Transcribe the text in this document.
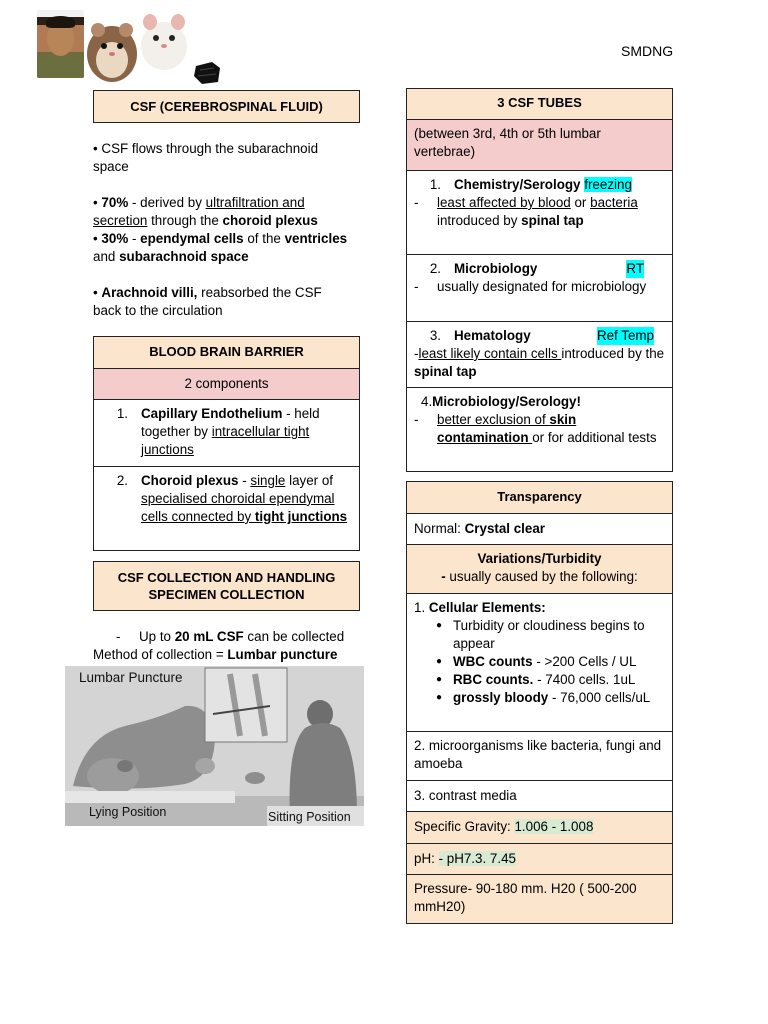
SMDNG
CSF (CEREBROSPINAL FLUID)

• CSF flows through the subarachnoid space

• 70% - derived by ultrafiltration and secretion through the choroid plexus

• 30% - ependymal cells of the ventricles and subarachnoid space

• Arachnoid villi, reabsorbed the CSF back to the circulation

BLOOD BRAIN BARRIER
2 components
1. Capillary Endothelium - held together by intracellular tight junctions
2. Choroid plexus - single layer of specialised choroidal ependymal cells connected by tight junctions
CSF COLLECTION AND HANDLING
SPECIMEN COLLECTION
-	Up to 20 mL CSF can be collected
Method of collection = Lumbar puncture
Lumbar Puncture
Lying Position	Sitting Position
3 CSF TUBES
(between 3rd, 4th or 5th lumbar vertebrae)
1. Chemistry/Serology freezing
-	least affected by blood or bacteria introduced by spinal tap
2. Microbiology	RT
-	usually designated for microbiology
3. Hematology	Ref Temp
-least likely contain cells introduced by the spinal tap
4.Microbiology/Serology!
-	better exclusion of skin contamination or for additional tests
Transparency
Normal: Crystal clear
Variations/Turbidity
- usually caused by the following:
1. Cellular Elements:
● Turbidity or cloudiness begins to appear
● WBC counts - >200 Cells / UL
● RBC counts. - 7400 cells. 1uL
● grossly bloody - 76,000 cells/uL
2. microorganisms like bacteria, fungi and amoeba
3. contrast media
Specific Gravity: 1.006 - 1.008
pH: - pH7.3. 7.45
Pressure- 90-180 mm. H20 ( 500-200 mmH20)
